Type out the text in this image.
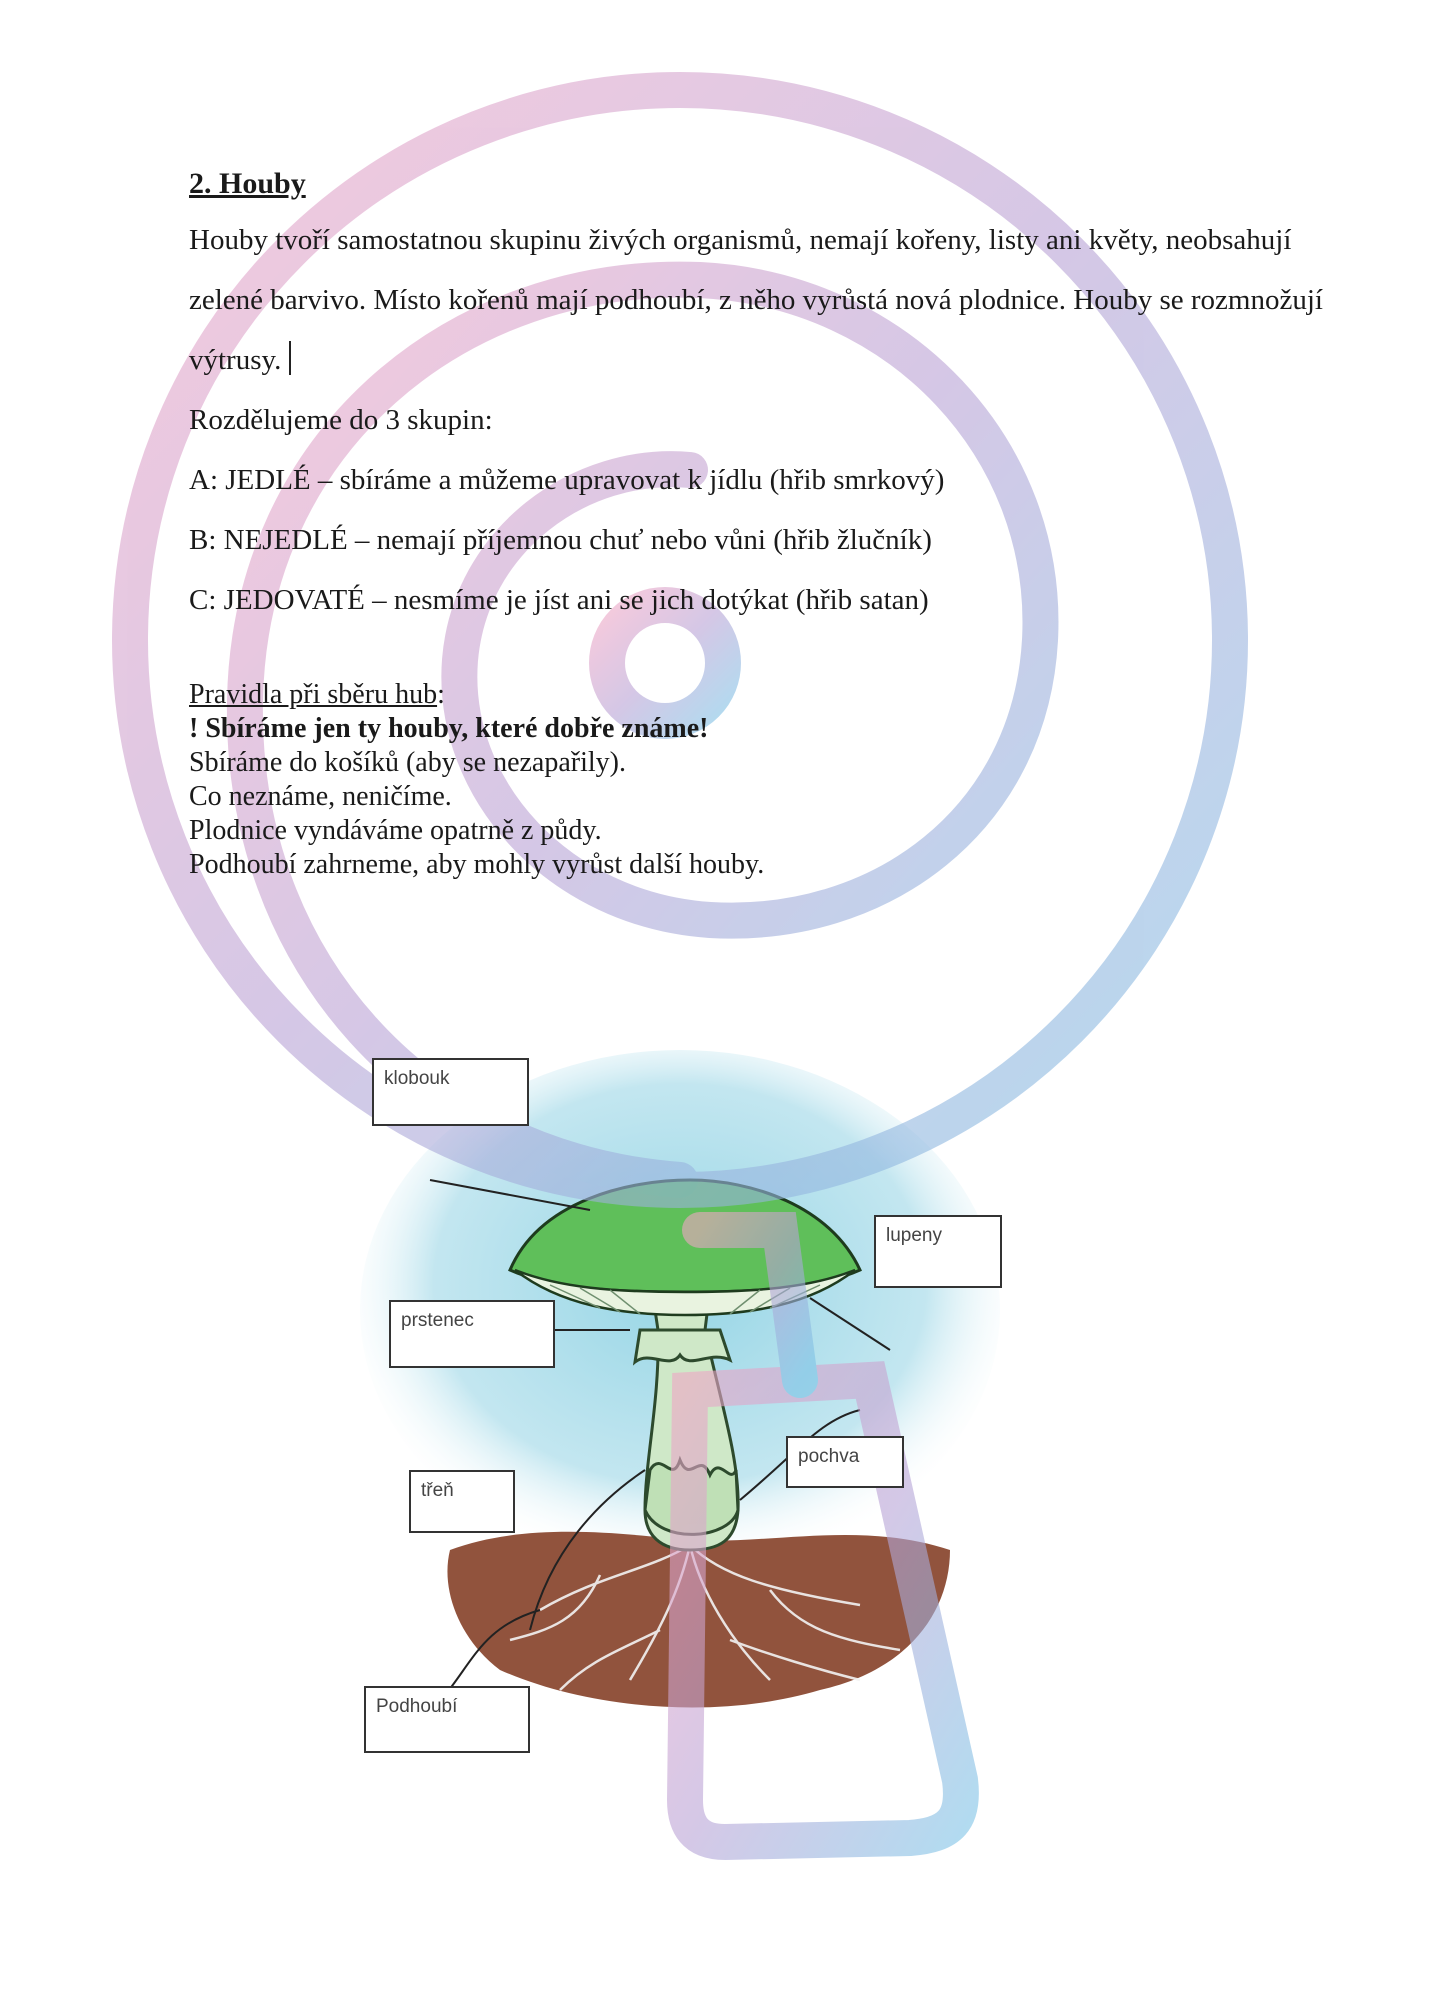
2. Houby
Houby tvoří samostatnou skupinu živých organismů, nemají kořeny, listy ani květy, neobsahují zelené barvivo. Místo kořenů mají podhoubí, z něho vyrůstá nová plodnice. Houby se rozmnožují výtrusy.
Rozdělujeme do 3 skupin:
A: JEDLÉ – sbíráme a můžeme upravovat k jídlu (hřib smrkový)
B: NEJEDLÉ – nemají příjemnou chuť nebo vůni (hřib žlučník)
C: JEDOVATÉ – nesmíme je jíst ani se jich dotýkat (hřib satan)
Pravidla při sběru hub:
! Sbíráme jen ty houby, které dobře známe!
Sbíráme do košíků (aby se nezapařily).
Co neznáme, neničíme.
Plodnice vyndáváme opatrně z půdy.
Podhoubí zahrneme, aby mohly vyrůst další houby.
klobouk
lupeny
prstenec
třeň
pochva
Podhoubí
